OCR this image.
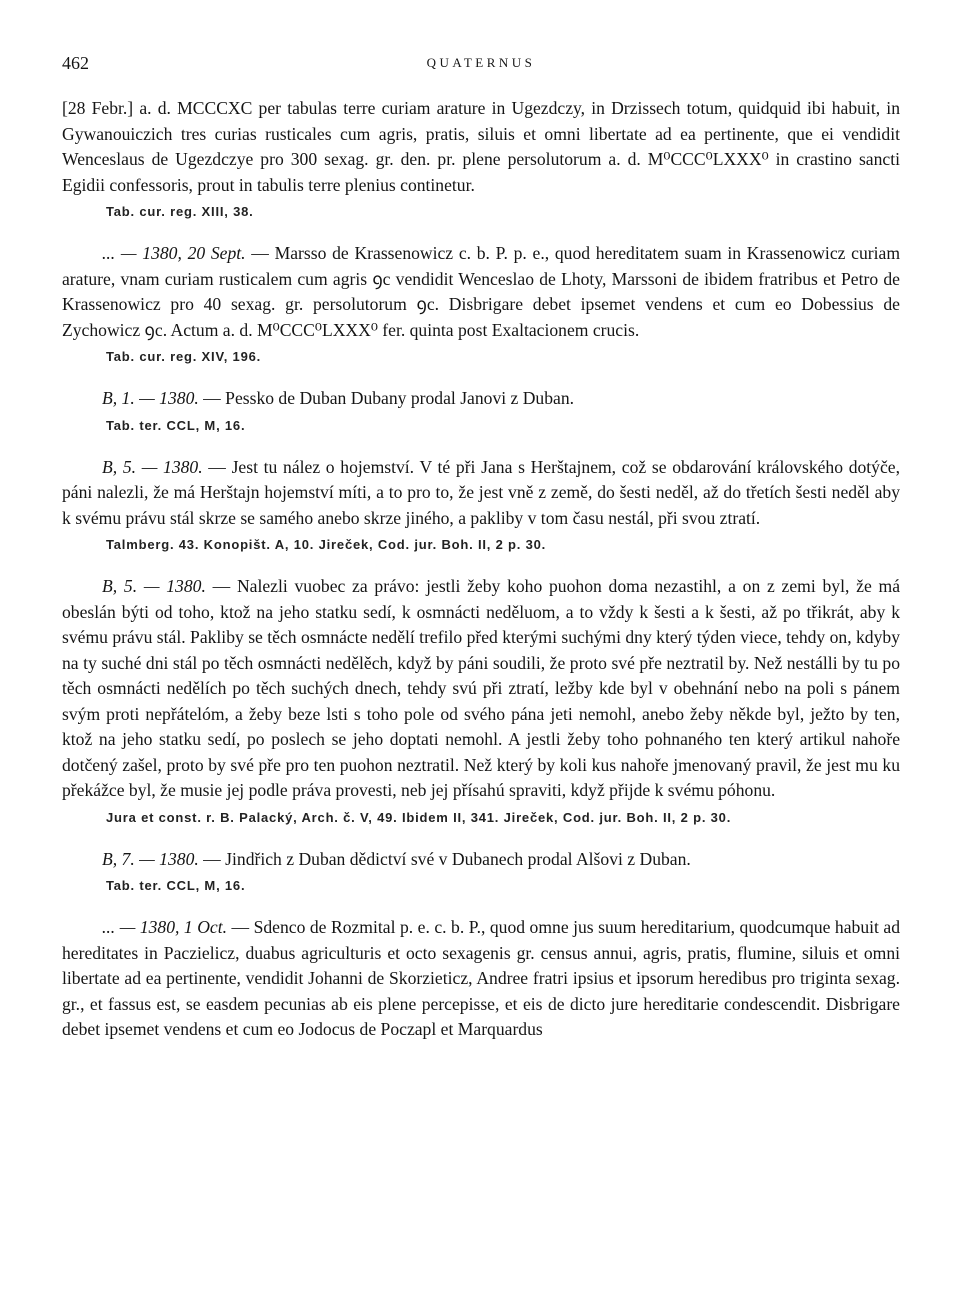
462	QUATERNUS

[28 Febr.] a. d. MCCCXC per tabulas terre curiam arature in Ugezdczy, in Drzissech totum, quidquid ibi habuit, in Gywanouiczich tres curias rusticales cum agris, pratis, siluis et omni libertate ad ea pertinente, que ei vendidit Wenceslaus de Ugezdczye pro 300 sexag. gr. den. pr. plene persolutorum a. d. M⁰CCC⁰LXXX⁰ in crastino sancti Egidii confessoris, prout in tabulis terre plenius continetur.

Tab. cur. reg. XIII, 38.

... — 1380, 20 Sept. — Marsso de Krassenowicz c. b. P. p. e., quod hereditatem suam in Krassenowicz curiam arature, vnam curiam rusticalem cum agris ꝯc vendidit Wenceslao de Lhoty, Marssoni de ibidem fratribus et Petro de Krassenowicz pro 40 sexag. gr. persolutorum ꝯc. Disbrigare debet ipsemet vendens et cum eo Dobessius de Zychowicz ꝯc. Actum a. d. M⁰CCC⁰LXXX⁰ fer. quinta post Exaltacionem crucis.

Tab. cur. reg. XIV, 196.

B, 1. — 1380. — Pessko de Duban Dubany prodal Janovi z Duban.

Tab. ter. CCL, M, 16.

B, 5. — 1380. — Jest tu nález o hojemství. V té při Jana s Herštajnem, což se obdarování královského dotýče, páni nalezli, že má Herštajn hojemství míti, a to pro to, že jest vně z země, do šesti neděl, až do třetích šesti neděl aby k svému právu stál skrze se samého anebo skrze jiného, a pakliby v tom času nestál, při svou ztratí.

Talmberg. 43. Konopišt. A, 10. Jireček, Cod. jur. Boh. II, 2 p. 30.

B, 5. — 1380. — Nalezli vuobec za právo: jestli žeby koho puohon doma nezastihl, a on z zemi byl, že má obeslán býti od toho, ktož na jeho statku sedí, k osmnácti neděluom, a to vždy k šesti a k šesti, až po třikrát, aby k svému právu stál. Pakliby se těch osmnácte nedělí trefilo před kterými suchými dny který týden viece, tehdy on, kdyby na ty suché dni stál po těch osmnácti nedělěch, když by páni soudili, že proto své pře neztratil by. Než nestálli by tu po těch osmnácti nedělích po těch suchých dnech, tehdy svú při ztratí, ležby kde byl v obehnání nebo na poli s pánem svým proti nepřátelóm, a žeby beze lsti s toho pole od svého pána jeti nemohl, anebo žeby někde byl, ježto by ten, ktož na jeho statku sedí, po poslech se jeho doptati nemohl. A jestli žeby toho pohnaného ten který artikul nahoře dotčený zašel, proto by své pře pro ten puohon neztratil. Než který by koli kus nahoře jmenovaný pravil, že jest mu ku překážce byl, že musie jej podle práva provesti, neb jej přísahú spraviti, když přijde k svému póhonu.

Jura et const. r. B. Palacký, Arch. č. V, 49. Ibidem II, 341. Jireček, Cod. jur. Boh. II, 2 p. 30.

B, 7. — 1380. — Jindřich z Duban dědictví své v Dubanech prodal Alšovi z Duban.

Tab. ter. CCL, M, 16.

... — 1380, 1 Oct. — Sdenco de Rozmital p. e. c. b. P., quod omne jus suum hereditarium, quodcumque habuit ad hereditates in Paczielicz, duabus agriculturis et octo sexagenis gr. census annui, agris, pratis, flumine, siluis et omni libertate ad ea pertinente, vendidit Johanni de Skorzieticz, Andree fratri ipsius et ipsorum heredibus pro triginta sexag. gr., et fassus est, se easdem pecunias ab eis plene percepisse, et eis de dicto jure hereditarie condescendit. Disbrigare debet ipsemet vendens et cum eo Jodocus de Poczapl et Marquardus
